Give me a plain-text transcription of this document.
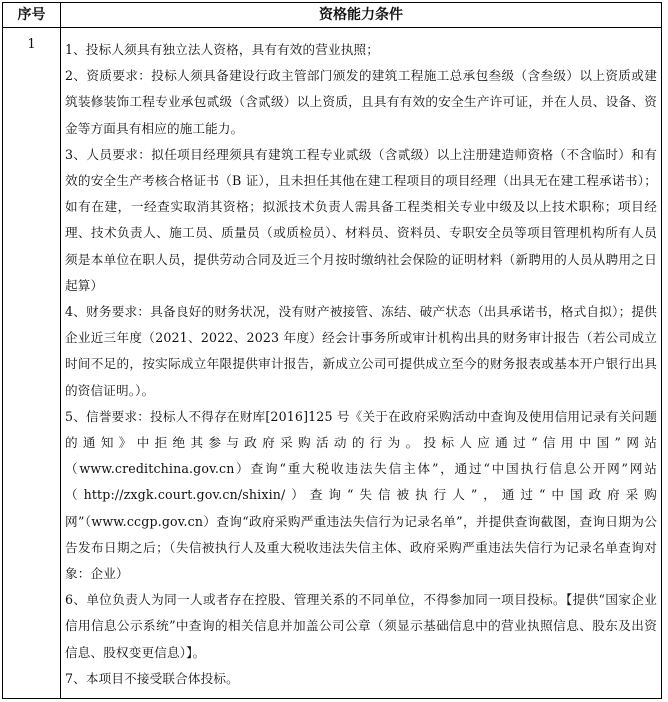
序号	资格能力条件
1	1、投标人须具有独立法人资格，具有有效的营业执照；

2、资质要求：投标人须具备建设行政主管部门颁发的建筑工程施工总承包叁级（含叁级）以上资质或建筑装修装饰工程专业承包贰级（含贰级）以上资质，且具有有效的安全生产许可证，并在人员、设备、资金等方面具有相应的施工能力。

3、人员要求：拟任项目经理须具有建筑工程专业贰级（含贰级）以上注册建造师资格（不含临时）和有效的安全生产考核合格证书（B 证），且未担任其他在建工程项目的项目经理（出具无在建工程承诺书）；如有在建，一经查实取消其资格；拟派技术负责人需具备工程类相关专业中级及以上技术职称；项目经理、技术负责人、施工员、质量员（或质检员）、材料员、资料员、专职安全员等项目管理机构所有人员须是本单位在职人员，提供劳动合同及近三个月按时缴纳社会保险的证明材料（新聘用的人员从聘用之日起算）

4、财务要求：具备良好的财务状况，没有财产被接管、冻结、破产状态（出具承诺书，格式自拟）；提供企业近三年度（2021、2022、2023 年度）经会计事务所或审计机构出具的财务审计报告（若公司成立时间不足的，按实际成立年限提供审计报告，新成立公司可提供成立至今的财务报表或基本开户银行出具的资信证明。）。

5、信誉要求：投标人不得存在财库[2016]125 号《关于在政府采购活动中查询及使用信用记录有关问题的通知》中拒绝其参与政府采购活动的行为。投标人应通过“信用中国”网站（www.creditchina.gov.cn）查询“重大税收违法失信主体”，通过“中国执行信息公开网”网站（http://zxgk.court.gov.cn/shixin/）查询“失信被执行人”，通过“中国政府采购网”（www.ccgp.gov.cn）查询“政府采购严重违法失信行为记录名单”，并提供查询截图，查询日期为公告发布日期之后；（失信被执行人及重大税收违法失信主体、政府采购严重违法失信行为记录名单查询对象：企业）

6、单位负责人为同一人或者存在控股、管理关系的不同单位，不得参加同一项目投标。【提供“国家企业信用信息公示系统”中查询的相关信息并加盖公司公章（须显示基础信息中的营业执照信息、股东及出资信息、股权变更信息）】。

7、本项目不接受联合体投标。
